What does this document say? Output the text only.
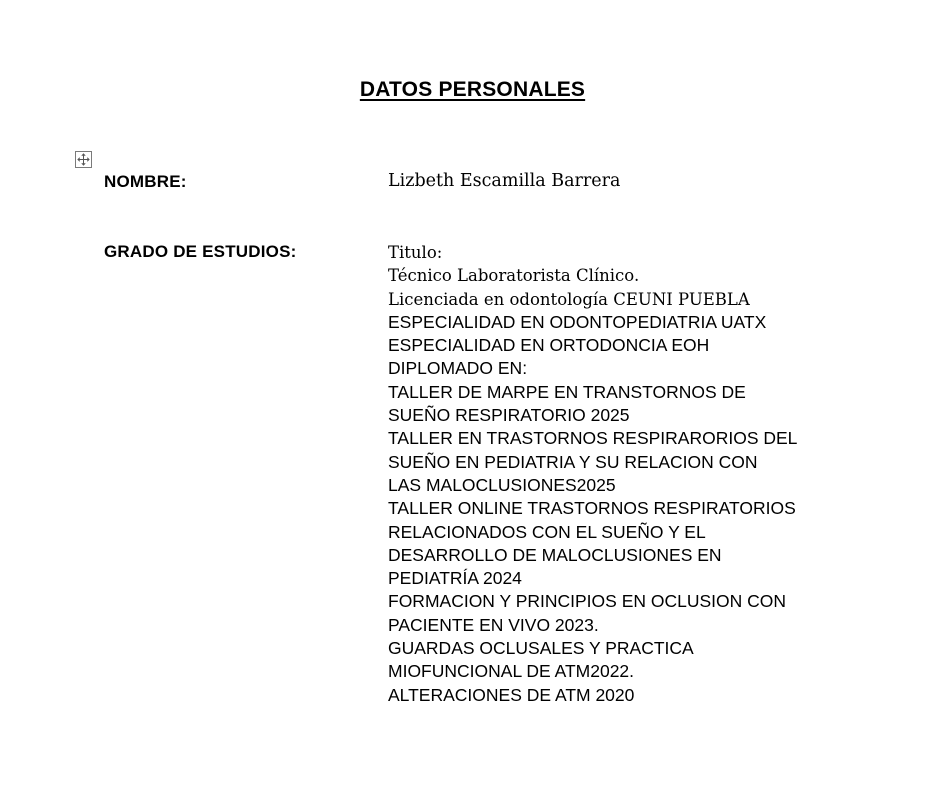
DATOS PERSONALES
NOMBRE:	Lizbeth Escamilla Barrera
GRADO DE ESTUDIOS:	Titulo:
Técnico Laboratorista Clínico.
Licenciada en odontología CEUNI PUEBLA
ESPECIALIDAD EN ODONTOPEDIATRIA UATX
ESPECIALIDAD EN ORTODONCIA EOH
DIPLOMADO EN:
TALLER DE MARPE EN TRANSTORNOS DE
SUEÑO RESPIRATORIO 2025
TALLER EN TRASTORNOS RESPIRARORIOS DEL
SUEÑO EN PEDIATRIA Y SU RELACION CON
LAS MALOCLUSIONES2025
TALLER ONLINE TRASTORNOS RESPIRATORIOS
RELACIONADOS CON EL SUEÑO Y EL
DESARROLLO DE MALOCLUSIONES EN
PEDIATRÍA 2024
FORMACION Y PRINCIPIOS EN OCLUSION CON
PACIENTE EN VIVO 2023.
GUARDAS OCLUSALES Y PRACTICA
MIOFUNCIONAL DE ATM2022.
ALTERACIONES DE ATM 2020
